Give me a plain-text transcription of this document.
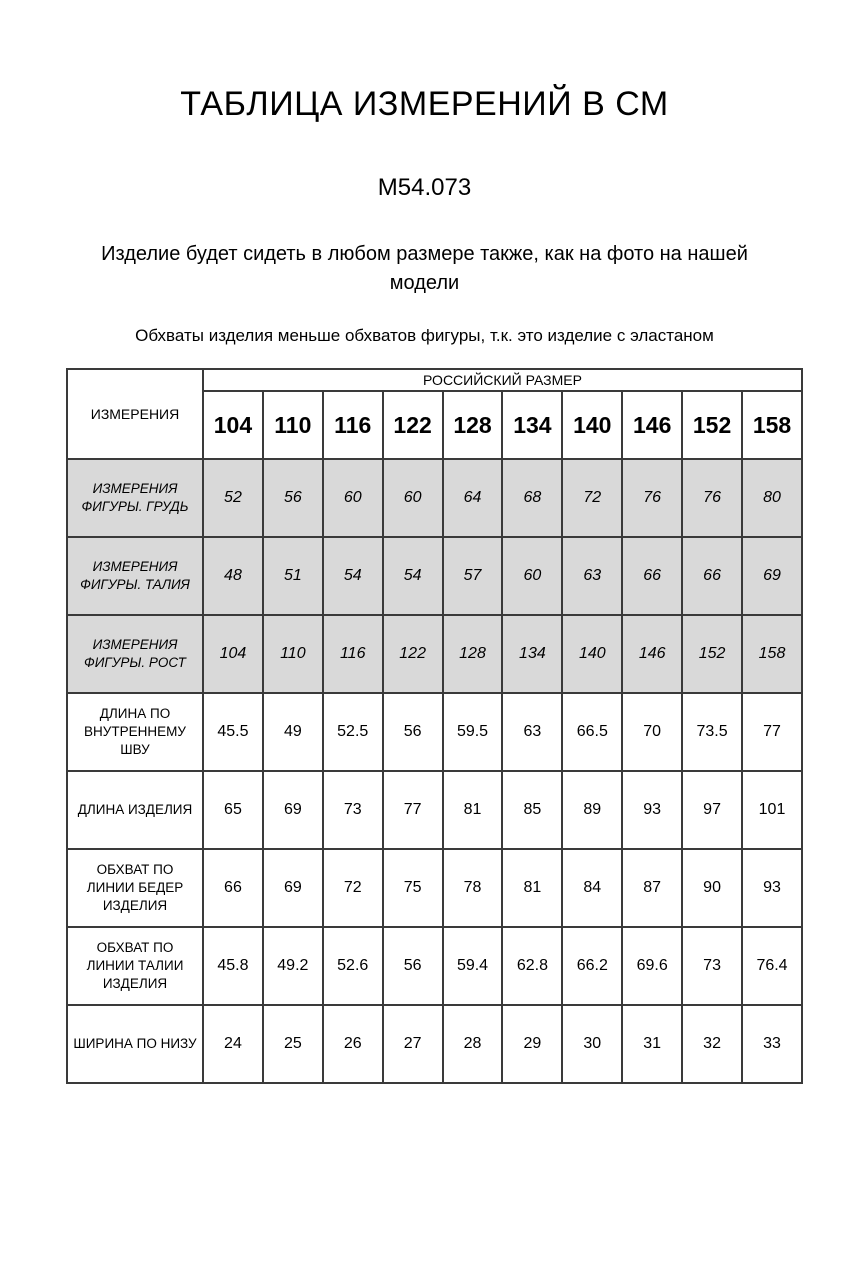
ТАБЛИЦА ИЗМЕРЕНИЙ В СМ
М54.073
Изделие будет сидеть в любом размере также, как на фото на нашей модели
Обхваты изделия меньше обхватов фигуры, т.к. это изделие с эластаном
ИЗМЕРЕНИЯ	РОССИЙСКИЙ РАЗМЕР									
	104	110	116	122	128	134	140	146	152	158
ИЗМЕРЕНИЯ ФИГУРЫ. ГРУДЬ	52	56	60	60	64	68	72	76	76	80
ИЗМЕРЕНИЯ ФИГУРЫ. ТАЛИЯ	48	51	54	54	57	60	63	66	66	69
ИЗМЕРЕНИЯ ФИГУРЫ. РОСТ	104	110	116	122	128	134	140	146	152	158
ДЛИНА ПО ВНУТРЕННЕМУ ШВУ	45.5	49	52.5	56	59.5	63	66.5	70	73.5	77
ДЛИНА ИЗДЕЛИЯ	65	69	73	77	81	85	89	93	97	101
ОБХВАТ ПО ЛИНИИ БЕДЕР ИЗДЕЛИЯ	66	69	72	75	78	81	84	87	90	93
ОБХВАТ ПО ЛИНИИ ТАЛИИ ИЗДЕЛИЯ	45.8	49.2	52.6	56	59.4	62.8	66.2	69.6	73	76.4
ШИРИНА ПО НИЗУ	24	25	26	27	28	29	30	31	32	33
